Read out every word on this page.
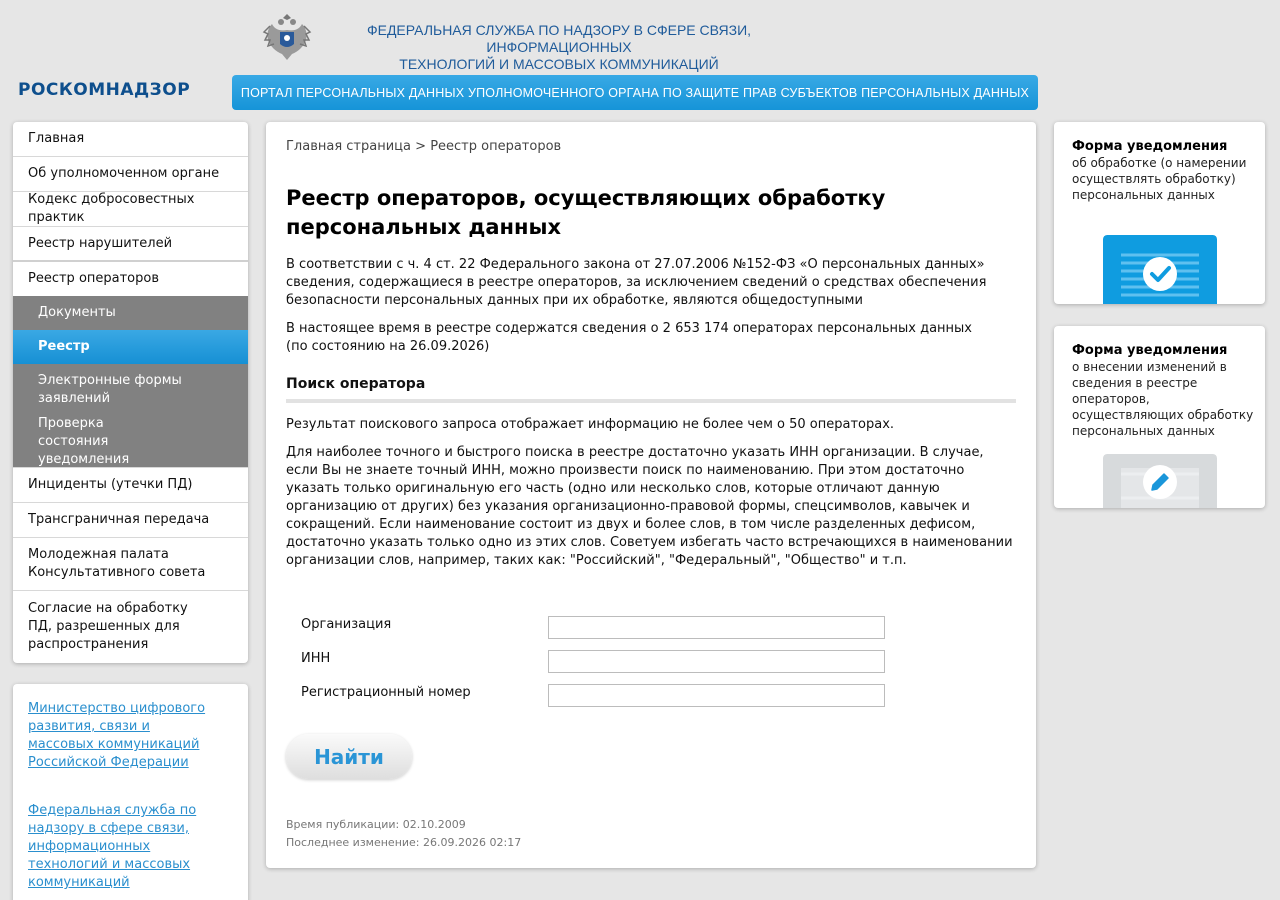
ФЕДЕРАЛЬНАЯ СЛУЖБА ПО НАДЗОРУ В СФЕРЕ СВЯЗИ, ИНФОРМАЦИОННЫХ
ТЕХНОЛОГИЙ И МАССОВЫХ КОММУНИКАЦИЙ
РОСКОМНАДЗОР	ПОРТАЛ ПЕРСОНАЛЬНЫХ ДАННЫХ УПОЛНОМОЧЕННОГО ОРГАНА ПО ЗАЩИТЕ ПРАВ СУБЪЕКТОВ ПЕРСОНАЛЬНЫХ ДАННЫХ
Главная
Об уполномоченном органе
Кодекс добросовестных практик
Реестр нарушителей
Реестр операторов
Документы
Реестр
Электронные формы заявлений
Проверка состояния уведомления
Инциденты (утечки ПД)
Трансграничная передача
Молодежная палата Консультативного совета
Согласие на обработку ПД, разрешенных для распространения
Министерство цифрового развития, связи и массовых коммуникаций Российской Федерации
Федеральная служба по надзору в сфере связи, информационных технологий и массовых коммуникаций
Главная страница > Реестр операторов
Реестр операторов, осуществляющих обработку персональных данных

В соответствии с ч. 4 ст. 22 Федерального закона от 27.07.2006 №152-ФЗ «О персональных данных» сведения, содержащиеся в реестре операторов, за исключением сведений о средствах обеспечения безопасности персональных данных при их обработке, являются общедоступными

В настоящее время в реестре содержатся сведения о 2 653 174 операторах персональных данных
(по состоянию на 26.09.2026)

Поиск оператора

Результат поискового запроса отображает информацию не более чем о 50 операторах.

Для наиболее точного и быстрого поиска в реестре достаточно указать ИНН организации. В случае, если Вы не знаете точный ИНН, можно произвести поиск по наименованию. При этом достаточно указать только оригинальную его часть (одно или несколько слов, которые отличают данную организацию от других) без указания организационно-правовой формы, спецсимволов, кавычек и сокращений. Если наименование состоит из двух и более слов, в том числе разделенных дефисом, достаточно указать только одно из этих слов. Советуем избегать часто встречающихся в наименовании организации слов, например, таких как: "Российский", "Федеральный", "Общество" и т.п.

Организация
ИНН
Регистрационный номер
Найти
Время публикации: 02.10.2009
Последнее изменение: 26.09.2026 02:17
Форма уведомления
об обработке (о намерении осуществлять обработку) персональных данных
Форма уведомления
о внесении изменений в сведения в реестре операторов, осуществляющих обработку персональных данных
